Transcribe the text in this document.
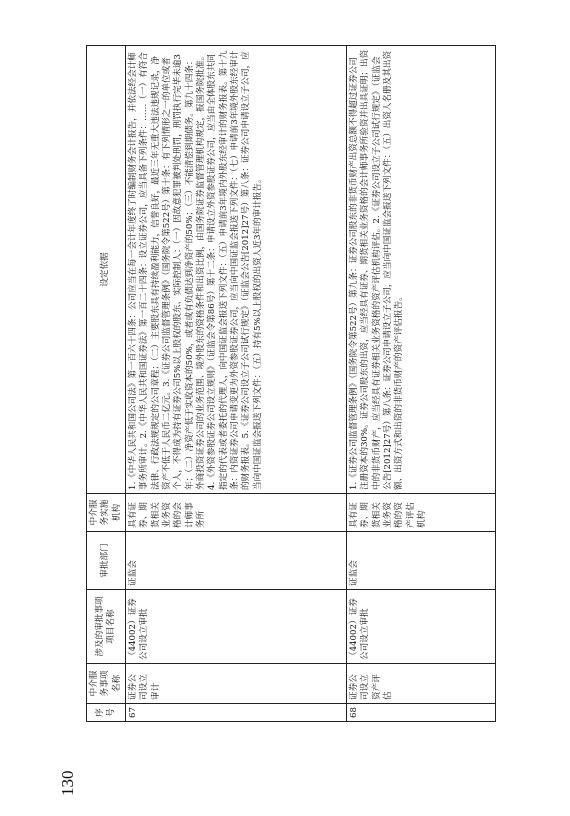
130
序号	中介服务事项名称	涉及的审批事项项目名称	审批部门	中介服务实施机构	设定依据
67	证券公司设立审计	（44002）证券公司设立审批	证监会	具有证券、期货相关业务资格的会计师事务所	1.《中华人民共和国公司法》第一百六十四条：公司应当在每一会计年度终了时编制财务会计报告，并依法经会计师事务所审计。2.《中华人民共和国证券法》第一百二十四条：设立证券公司，应当具备下列条件：……（一）有符合法律、行政法规规定的公司章程；（二）主要股东具有持续盈利能力，信誉良好，最近三年无重大违法违规记录，净资产不低于人民币二亿元。3.《证券公司监督管理条例》（国务院令第522号）第十条：有下列情形之一的单位或者个人，不得成为持有证券公司5%以上股权的股东、实际控制人：（一）因故意犯罪被判处刑罚，刑罚执行完毕未逾3年；（二）净资产低于实收资本的50%，或者或有负债达到净资产的50%；（三）不能清偿到期债务。第九十四条：外商投资证券公司的业务范围、境外股东的资格条件和出资比例，由国务院证券监督管理机构规定，报国务院批准。4.《外资参股证券公司设立规则》（证监会令第86号）第十二条：申请设立外资参股证券公司，应当由全体股东共同指定的代表或者委托的代理人，向中国证监会报送下列文件：（五）申请前3年境内外股东经审计的财务报表。第十九条：内资证券公司申请变更为外资参股证券公司，应当向中国证监会报送下列文件：（七）申请前3年境外股东经审计的财务报表。5.《证券公司设立子公司试行规定》（证监会公告[2012]27号）第八条：证券公司申请设立子公司，应当向中国证监会报送下列文件：（五）持有5%以上股权的出资人近3年的审计报告。

68	证券公司设立资产评估	（44002）证券公司设立审批	证监会	具有证券、期货相关业务资格的资产评估机构	1.《证券公司监督管理条例》（国务院令第522号）第九条：证券公司股东的非货币财产出资总额不得超过证券公司注册资本的30%。证券公司股东的出资，应当经具有证券、期货相关业务资格的会计师事务所验资并出具证明；出资中的非货币财产，应当经具有证券相关业务资格的资产评估机构评估。2.《证券公司设立子公司试行规定》（证监会公告[2012]27号）第八条：证券公司申请设立子公司，应当向中国证监会报送下列文件：（五）出资人名册及其出资额、出资方式和出资的非货币财产的资产评估报告。
